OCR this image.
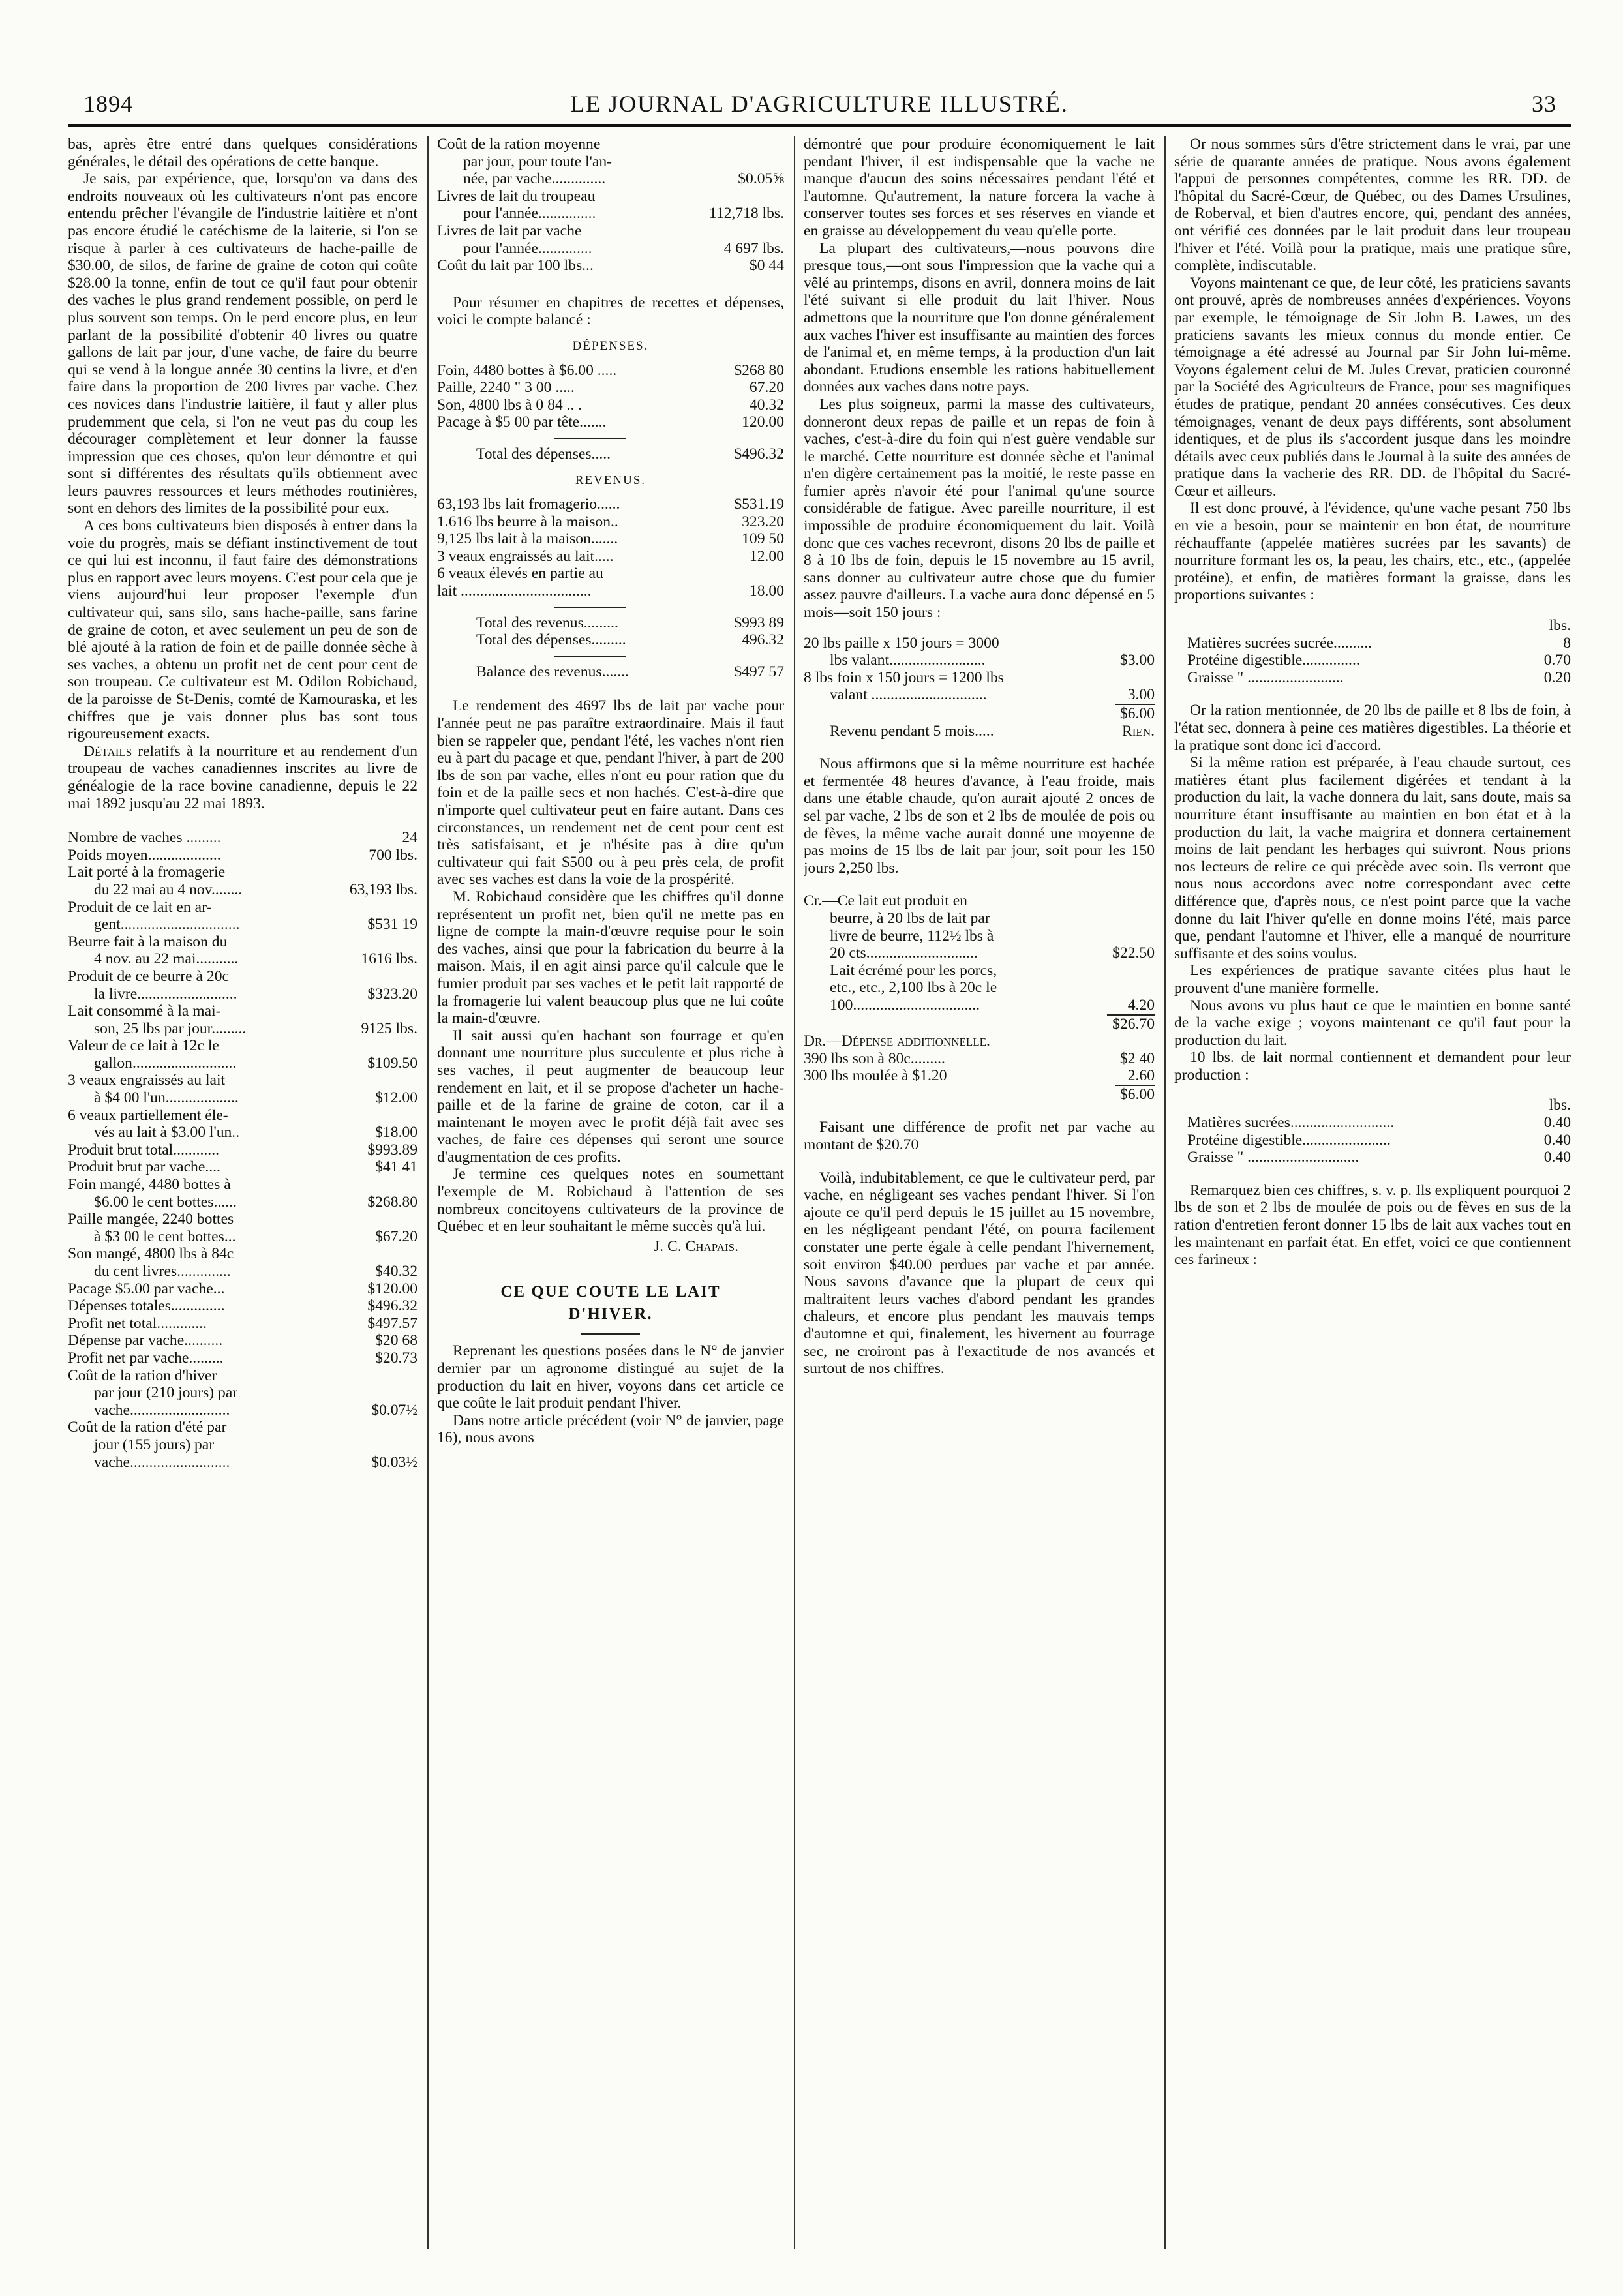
1894	LE JOURNAL D'AGRICULTURE ILLUSTRÉ.	33

bas, après être entré dans quelques considérations générales, le détail des opérations de cette banque.

Je sais, par expérience, que, lorsqu'on va dans des endroits nouveaux où les cultivateurs n'ont pas encore entendu prêcher l'évangile de l'industrie laitière et n'ont pas encore étudié le catéchisme de la laiterie, si l'on se risque à parler à ces cultivateurs de hache-paille de $30.00, de silos, de farine de graine de coton qui coûte $28.00 la tonne, enfin de tout ce qu'il faut pour obtenir des vaches le plus grand rendement possible, on perd le plus souvent son temps. On le perd encore plus, en leur parlant de la possibilité d'obtenir 40 livres ou quatre gallons de lait par jour, d'une vache, de faire du beurre qui se vend à la longue année 30 centins la livre, et d'en faire dans la proportion de 200 livres par vache. Chez ces novices dans l'industrie laitière, il faut y aller plus prudemment que cela, si l'on ne veut pas du coup les décourager complètement et leur donner la fausse impression que ces choses, qu'on leur démontre et qui sont si différentes des résultats qu'ils obtiennent avec leurs pauvres ressources et leurs méthodes routinières, sont en dehors des limites de la possibilité pour eux.

A ces bons cultivateurs bien disposés à entrer dans la voie du progrès, mais se défiant instinctivement de tout ce qui lui est inconnu, il faut faire des démonstrations plus en rapport avec leurs moyens. C'est pour cela que je viens aujourd'hui leur proposer l'exemple d'un cultivateur qui, sans silo, sans hache-paille, sans farine de graine de coton, et avec seulement un peu de son de blé ajouté à la ration de foin et de paille donnée sèche à ses vaches, a obtenu un profit net de cent pour cent de son troupeau. Ce cultivateur est M. Odilon Robichaud, de la paroisse de St-Denis, comté de Kamouraska, et les chiffres que je vais donner plus bas sont tous rigoureusement exacts.

Détails relatifs à la nourriture et au rendement d'un troupeau de vaches canadiennes inscrites au livre de généalogie de la race bovine canadienne, depuis le 22 mai 1892 jusqu'au 22 mai 1893.

Nombre de vaches .........	24
Poids moyen...................	700 lbs.
Lait porté à la fromagerie
du 22 mai au 4 nov........	63,193 lbs.
Produit de ce lait en ar-
gent...............................	$531 19
Beurre fait à la maison du
4 nov. au 22 mai...........	1616 lbs.
Produit de ce beurre à 20c
la livre..........................	$323.20
Lait consommé à la mai-
son, 25 lbs par jour.........	9125 lbs.
Valeur de ce lait à 12c le
gallon...........................	$109.50
3 veaux engraissés au lait
à $4 00 l'un...................	$12.00
6 veaux partiellement éle-
vés au lait à $3.00 l'un..	$18.00
Produit brut total............	$993.89
Produit brut par vache....	$41 41
Foin mangé, 4480 bottes à
$6.00 le cent bottes......	$268.80
Paille mangée, 2240 bottes
à $3 00 le cent bottes...	$67.20
Son mangé, 4800 lbs à 84c
du cent livres..............	$40.32
Pacage $5.00 par vache...	$120.00
Dépenses totales..............	$496.32
Profit net total.............	$497.57
Dépense par vache..........	$20 68
Profit net par vache.........	$20.73
Coût de la ration d'hiver
par jour (210 jours) par
vache..........................	$0.07½
Coût de la ration d'été par
jour (155 jours) par
vache..........................	$0.03½
Coût de la ration moyenne
par jour, pour toute l'an-
née, par vache..............	$0.05⅝
Livres de lait du troupeau
pour l'année...............	112,718 lbs.
Livres de lait par vache
pour l'année..............	4 697 lbs.
Coût du lait par 100 lbs...	$0 44

Pour résumer en chapitres de recettes et dépenses, voici le compte balancé :

DÉPENSES.
Foin, 4480 bottes à $6.00 .....	$268 80
Paille, 2240 " 3 00 .....	67.20
Son, 4800 lbs à 0 84 .. .	40.32
Pacage à $5 00 par tête.......	120.00
Total des dépenses.....	$496.32
REVENUS.
63,193 lbs lait fromagerio......	$531.19
1.616 lbs beurre à la maison..	323.20
9,125 lbs lait à la maison.......	109 50
3 veaux engraissés au lait.....	12.00
6 veaux élevés en partie au
lait ..................................	18.00
Total des revenus.........	$993 89
Total des dépenses.........	496.32
Balance des revenus.......	$497 57

Le rendement des 4697 lbs de lait par vache pour l'année peut ne pas paraître extraordinaire. Mais il faut bien se rappeler que, pendant l'été, les vaches n'ont rien eu à part du pacage et que, pendant l'hiver, à part de 200 lbs de son par vache, elles n'ont eu pour ration que du foin et de la paille secs et non hachés. C'est-à-dire que n'importe quel cultivateur peut en faire autant. Dans ces circonstances, un rendement net de cent pour cent est très satisfaisant, et je n'hésite pas à dire qu'un cultivateur qui fait $500 ou à peu près cela, de profit avec ses vaches est dans la voie de la prospérité.

M. Robichaud considère que les chiffres qu'il donne représentent un profit net, bien qu'il ne mette pas en ligne de compte la main-d'œuvre requise pour le soin des vaches, ainsi que pour la fabrication du beurre à la maison. Mais, il en agit ainsi parce qu'il calcule que le fumier produit par ses vaches et le petit lait rapporté de la fromagerie lui valent beaucoup plus que ne lui coûte la main-d'œuvre.

Il sait aussi qu'en hachant son fourrage et qu'en donnant une nourriture plus succulente et plus riche à ses vaches, il peut augmenter de beaucoup leur rendement en lait, et il se propose d'acheter un hache-paille et de la farine de graine de coton, car il a maintenant le moyen avec le profit déjà fait avec ses vaches, de faire ces dépenses qui seront une source d'augmentation de ces profits.

Je termine ces quelques notes en soumettant l'exemple de M. Robichaud à l'attention de ses nombreux concitoyens cultivateurs de la province de Québec et en leur souhaitant le même succès qu'à lui.

J. C. Chapais.
CE QUE COUTE LE LAIT
D'HIVER.

Reprenant les questions posées dans le N° de janvier dernier par un agronome distingué au sujet de la production du lait en hiver, voyons dans cet article ce que coûte le lait produit pendant l'hiver.

Dans notre article précédent (voir N° de janvier, page 16), nous avons

démontré que pour produire économiquement le lait pendant l'hiver, il est indispensable que la vache ne manque d'aucun des soins nécessaires pendant l'été et l'automne. Qu'autrement, la nature forcera la vache à conserver toutes ses forces et ses réserves en viande et en graisse au développement du veau qu'elle porte.

La plupart des cultivateurs,—nous pouvons dire presque tous,—ont sous l'impression que la vache qui a vêlé au printemps, disons en avril, donnera moins de lait l'été suivant si elle produit du lait l'hiver. Nous admettons que la nourriture que l'on donne généralement aux vaches l'hiver est insuffisante au maintien des forces de l'animal et, en même temps, à la production d'un lait abondant. Etudions ensemble les rations habituellement données aux vaches dans notre pays.

Les plus soigneux, parmi la masse des cultivateurs, donneront deux repas de paille et un repas de foin à vaches, c'est-à-dire du foin qui n'est guère vendable sur le marché. Cette nourriture est donnée sèche et l'animal n'en digère certainement pas la moitié, le reste passe en fumier après n'avoir été pour l'animal qu'une source considérable de fatigue. Avec pareille nourriture, il est impossible de produire économiquement du lait. Voilà donc que ces vaches recevront, disons 20 lbs de paille et 8 à 10 lbs de foin, depuis le 15 novembre au 15 avril, sans donner au cultivateur autre chose que du fumier assez pauvre d'ailleurs. La vache aura donc dépensé en 5 mois—soit 150 jours :

20 lbs paille x 150 jours = 3000
lbs valant.........................	$3.00
8 lbs foin x 150 jours = 1200 lbs
valant ..............................	3.00
$6.00
Revenu pendant 5 mois.....	Rien.

Nous affirmons que si la même nourriture est hachée et fermentée 48 heures d'avance, à l'eau froide, mais dans une étable chaude, qu'on aurait ajouté 2 onces de sel par vache, 2 lbs de son et 2 lbs de moulée de pois ou de fèves, la même vache aurait donné une moyenne de pas moins de 15 lbs de lait par jour, soit pour les 150 jours 2,250 lbs.

Cr.—Ce lait eut produit en
beurre, à 20 lbs de lait par
livre de beurre, 112½ lbs à
20 cts.............................	$22.50
Lait écrémé pour les porcs,
etc., etc., 2,100 lbs à 20c le
100.................................	4.20
$26.70
Dr.—Dépense additionnelle.
390 lbs son à 80c.........	$2 40
300 lbs moulée à $1.20	2.60
$6.00

Faisant une différence de profit net par vache au montant de $20.70

Voilà, indubitablement, ce que le cultivateur perd, par vache, en négligeant ses vaches pendant l'hiver. Si l'on ajoute ce qu'il perd depuis le 15 juillet au 15 novembre, en les négligeant pendant l'été, on pourra facilement constater une perte égale à celle pendant l'hivernement, soit environ $40.00 perdues par vache et par année. Nous savons d'avance que la plupart de ceux qui maltraitent leurs vaches d'abord pendant les grandes chaleurs, et encore plus pendant les mauvais temps d'automne et qui, finalement, les hivernent au fourrage sec, ne croiront pas à l'exactitude de nos avancés et surtout de nos chiffres.

Or nous sommes sûrs d'être strictement dans le vrai, par une série de quarante années de pratique. Nous avons également l'appui de personnes compétentes, comme les RR. DD. de l'hôpital du Sacré-Cœur, de Québec, ou des Dames Ursulines, de Roberval, et bien d'autres encore, qui, pendant des années, ont vérifié ces données par le lait produit dans leur troupeau l'hiver et l'été. Voilà pour la pratique, mais une pratique sûre, complète, indiscutable.

Voyons maintenant ce que, de leur côté, les praticiens savants ont prouvé, après de nombreuses années d'expériences. Voyons par exemple, le témoignage de Sir John B. Lawes, un des praticiens savants les mieux connus du monde entier. Ce témoignage a été adressé au Journal par Sir John lui-même. Voyons également celui de M. Jules Crevat, praticien couronné par la Société des Agriculteurs de France, pour ses magnifiques études de pratique, pendant 20 années consécutives. Ces deux témoignages, venant de deux pays différents, sont absolument identiques, et de plus ils s'accordent jusque dans les moindre détails avec ceux publiés dans le Journal à la suite des années de pratique dans la vacherie des RR. DD. de l'hôpital du Sacré-Cœur et ailleurs.

Il est donc prouvé, à l'évidence, qu'une vache pesant 750 lbs en vie a besoin, pour se maintenir en bon état, de nourriture réchauffante (appelée matières sucrées par les savants) de nourriture formant les os, la peau, les chairs, etc., etc., (appelée protéine), et enfin, de matières formant la graisse, dans les proportions suivantes :

lbs.
Matières sucrées sucrée..........	8
Protéine digestible...............	0.70
Graisse " .........................	0.20

Or la ration mentionnée, de 20 lbs de paille et 8 lbs de foin, à l'état sec, donnera à peine ces matières digestibles. La théorie et la pratique sont donc ici d'accord.

Si la même ration est préparée, à l'eau chaude surtout, ces matières étant plus facilement digérées et tendant à la production du lait, la vache donnera du lait, sans doute, mais sa nourriture étant insuffisante au maintien en bon état et à la production du lait, la vache maigrira et donnera certainement moins de lait pendant les herbages qui suivront. Nous prions nos lecteurs de relire ce qui précède avec soin. Ils verront que nous nous accordons avec notre correspondant avec cette différence que, d'après nous, ce n'est point parce que la vache donne du lait l'hiver qu'elle en donne moins l'été, mais parce que, pendant l'automne et l'hiver, elle a manqué de nourriture suffisante et des soins voulus.

Les expériences de pratique savante citées plus haut le prouvent d'une manière formelle.

Nous avons vu plus haut ce que le maintien en bonne santé de la vache exige ; voyons maintenant ce qu'il faut pour la production du lait.

10 lbs. de lait normal contiennent et demandent pour leur production :

lbs.
Matières sucrées...........................	0.40
Protéine digestible.......................	0.40
Graisse " .............................	0.40

Remarquez bien ces chiffres, s. v. p. Ils expliquent pourquoi 2 lbs de son et 2 lbs de moulée de pois ou de fèves en sus de la ration d'entretien feront donner 15 lbs de lait aux vaches tout en les maintenant en parfait état. En effet, voici ce que contiennent ces farineux :
